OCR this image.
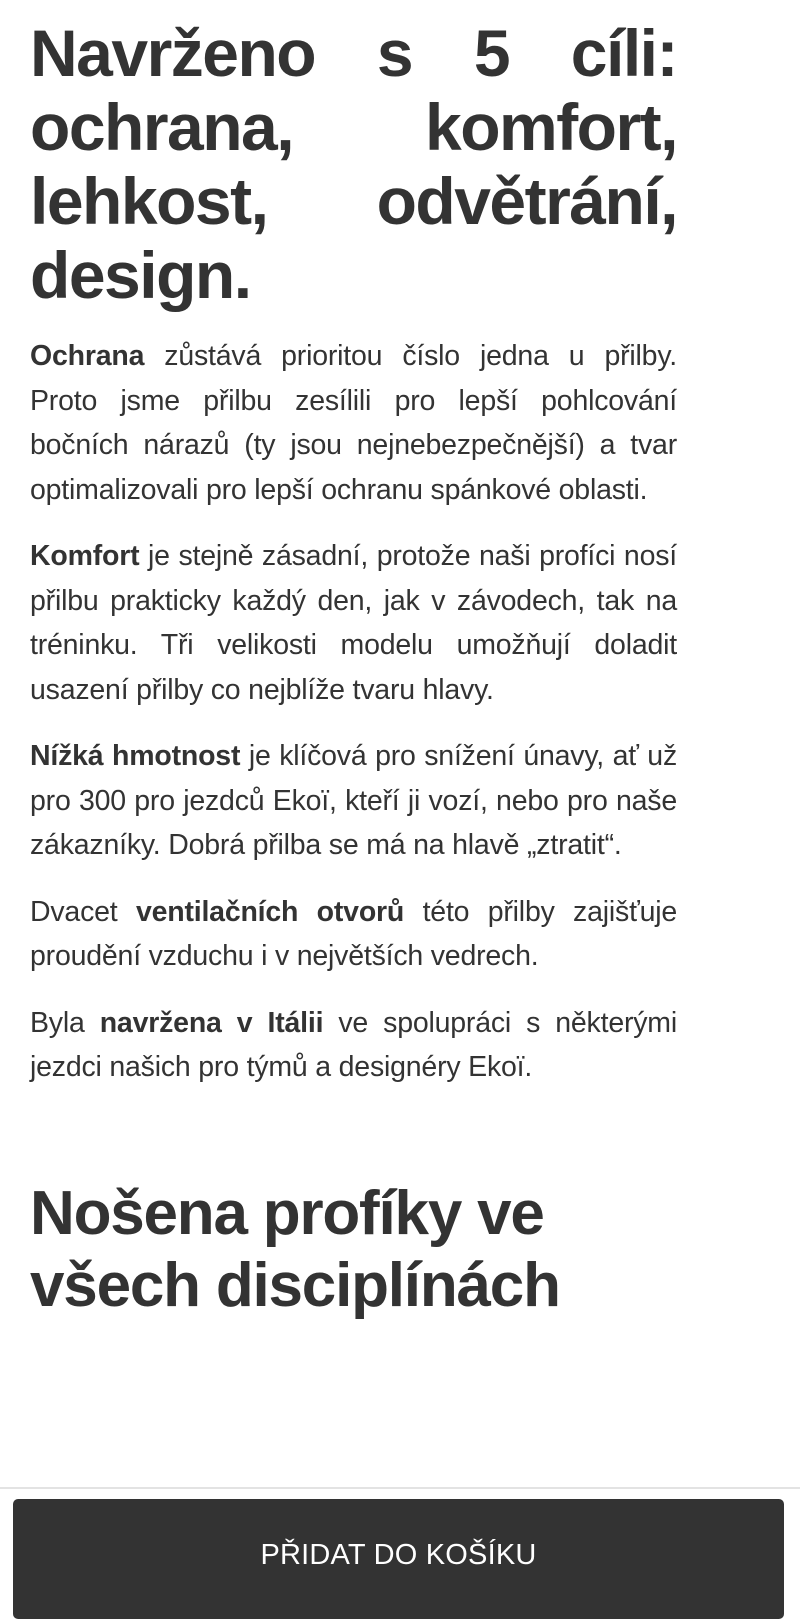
Navrženo s 5 cíli: ochrana, komfort, lehkost, odvětrání, design.

Ochrana zůstává prioritou číslo jedna u přilby. Proto jsme přilbu zesílili pro lepší pohlcování bočních nárazů (ty jsou nejnebezpečnější) a tvar optimalizovali pro lepší ochranu spánkové oblasti.

Komfort je stejně zásadní, protože naši profíci nosí přilbu prakticky každý den, jak v závodech, tak na tréninku. Tři velikosti modelu umožňují doladit usazení přilby co nejblíže tvaru hlavy.

Nížká hmotnost je klíčová pro snížení únavy, ať už pro 300 pro jezdců Ekoï, kteří ji vozí, nebo pro naše zákazníky. Dobrá přilba se má na hlavě „ztratit“.

Dvacet ventilačních otvorů této přilby zajišťuje proudění vzduchu i v největších vedrech.

Byla navržena v Itálii ve spolupráci s některými jezdci našich pro týmů a designéry Ekoï.

Nošena profíky ve všech disciplínách
PŘIDAT DO KOŠÍKU
